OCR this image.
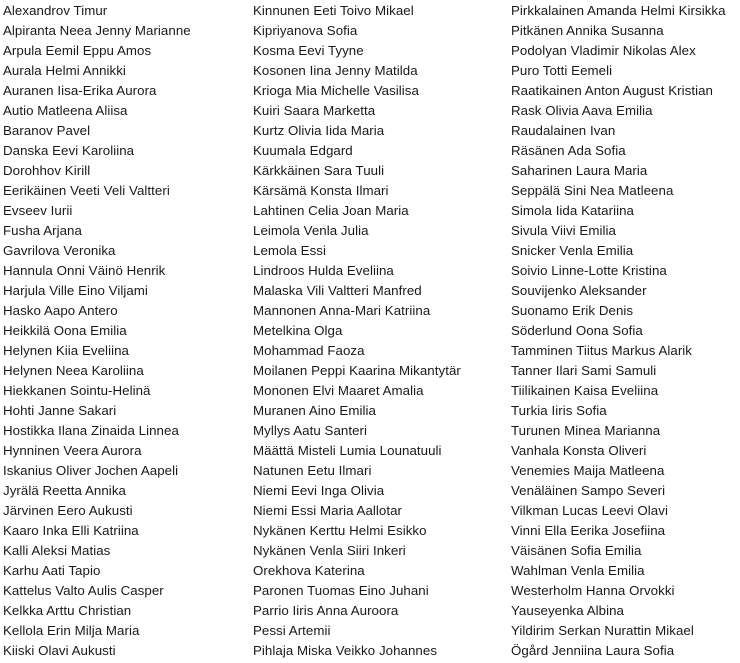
Alexandrov Timur
Alpiranta Neea Jenny Marianne
Arpula Eemil Eppu Amos
Aurala Helmi Annikki
Auranen Iisa-Erika Aurora
Autio Matleena Aliisa
Baranov Pavel
Danska Eevi Karoliina
Dorohhov Kirill
Eerikäinen Veeti Veli Valtteri
Evseev Iurii
Fusha Arjana
Gavrilova Veronika
Hannula Onni Väinö Henrik
Harjula Ville Eino Viljami
Hasko Aapo Antero
Heikkilä Oona Emilia
Helynen Kiia Eveliina
Helynen Neea Karoliina
Hiekkanen Sointu-Helinä
Hohti Janne Sakari
Hostikka Ilana Zinaida Linnea
Hynninen Veera Aurora
Iskanius Oliver Jochen Aapeli
Jyrälä Reetta Annika
Järvinen Eero Aukusti
Kaaro Inka Elli Katriina
Kalli Aleksi Matias
Karhu Aati Tapio
Kattelus Valto Aulis Casper
Kelkka Arttu Christian
Kellola Erin Milja Maria
Kiiski Olavi Aukusti
Kinnunen Eeti Toivo Mikael
Kipriyanova Sofia
Kosma Eevi Tyyne
Kosonen Iina Jenny Matilda
Krioga Mia Michelle Vasilisa
Kuiri Saara Marketta
Kurtz Olivia Iida Maria
Kuumala Edgard
Kärkkäinen Sara Tuuli
Kärsämä Konsta Ilmari
Lahtinen Celia Joan Maria
Leimola Venla Julia
Lemola Essi
Lindroos Hulda Eveliina
Malaska Vili Valtteri Manfred
Mannonen Anna-Mari Katriina
Metelkina Olga
Mohammad Faoza
Moilanen Peppi Kaarina Mikantytär
Mononen Elvi Maaret Amalia
Muranen Aino Emilia
Myllys Aatu Santeri
Määttä Misteli Lumia Lounatuuli
Natunen Eetu Ilmari
Niemi Eevi Inga Olivia
Niemi Essi Maria Aallotar
Nykänen Kerttu Helmi Esikko
Nykänen Venla Siiri Inkeri
Orekhova Katerina
Paronen Tuomas Eino Juhani
Parrio Iiris Anna Auroora
Pessi Artemii
Pihlaja Miska Veikko Johannes
Pirkkalainen Amanda Helmi Kirsikka
Pitkänen Annika Susanna
Podolyan Vladimir Nikolas Alex
Puro Totti Eemeli
Raatikainen Anton August Kristian
Rask Olivia Aava Emilia
Raudalainen Ivan
Räsänen Ada Sofia
Saharinen Laura Maria
Seppälä Sini Nea Matleena
Simola Iida Katariina
Sivula Viivi Emilia
Snicker Venla Emilia
Soivio Linne-Lotte Kristina
Souvijenko Aleksander
Suonamo Erik Denis
Söderlund Oona Sofia
Tamminen Tiitus Markus Alarik
Tanner Ilari Sami Samuli
Tiilikainen Kaisa Eveliina
Turkia Iiris Sofia
Turunen Minea Marianna
Vanhala Konsta Oliveri
Venemies Maija Matleena
Venäläinen Sampo Severi
Vilkman Lucas Leevi Olavi
Vinni Ella Eerika Josefiina
Väisänen Sofia Emilia
Wahlman Venla Emilia
Westerholm Hanna Orvokki
Yauseyenka Albina
Yildirim Serkan Nurattin Mikael
Ögård Jenniina Laura Sofia
